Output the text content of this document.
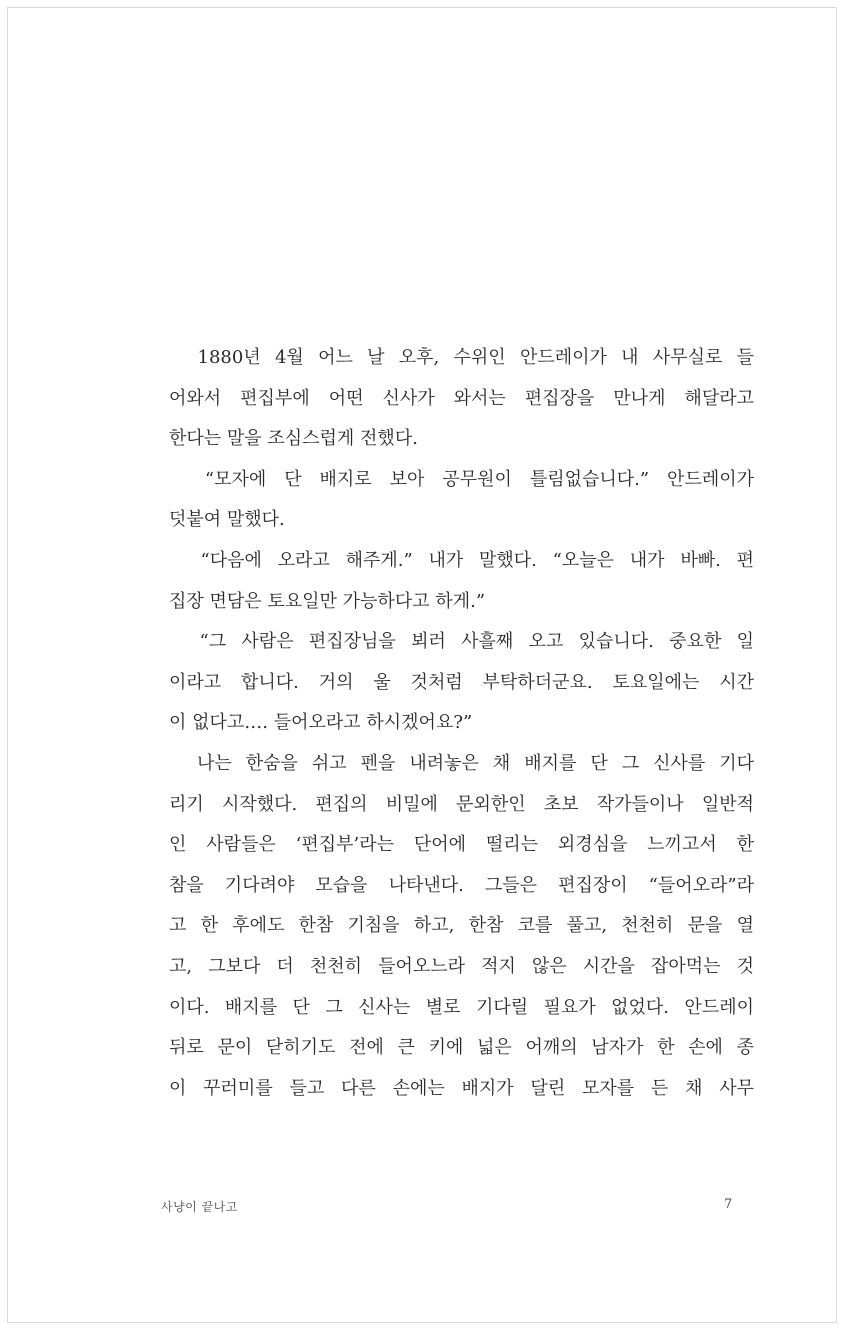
1880년 4월 어느 날 오후, 수위인 안드레이가 내 사무실로 들
어와서 편집부에 어떤 신사가 와서는 편집장을 만나게 해달라고
한다는 말을 조심스럽게 전했다.
“모자에 단 배지로 보아 공무원이 틀림없습니다.” 안드레이가
덧붙여 말했다.
“다음에 오라고 해주게.” 내가 말했다. “오늘은 내가 바빠. 편
집장 면담은 토요일만 가능하다고 하게.”
“그 사람은 편집장님을 뵈러 사흘째 오고 있습니다. 중요한 일
이라고 합니다. 거의 울 것처럼 부탁하더군요. 토요일에는 시간
이 없다고…. 들어오라고 하시겠어요?”
나는 한숨을 쉬고 펜을 내려놓은 채 배지를 단 그 신사를 기다
리기 시작했다. 편집의 비밀에 문외한인 초보 작가들이나 일반적
인 사람들은 ‘편집부’라는 단어에 떨리는 외경심을 느끼고서 한
참을 기다려야 모습을 나타낸다. 그들은 편집장이 “들어오라”라
고 한 후에도 한참 기침을 하고, 한참 코를 풀고, 천천히 문을 열
고, 그보다 더 천천히 들어오느라 적지 않은 시간을 잡아먹는 것
이다. 배지를 단 그 신사는 별로 기다릴 필요가 없었다. 안드레이
뒤로 문이 닫히기도 전에 큰 키에 넓은 어깨의 남자가 한 손에 종
이 꾸러미를 들고 다른 손에는 배지가 달린 모자를 든 채 사무
사냥이 끝나고	7
